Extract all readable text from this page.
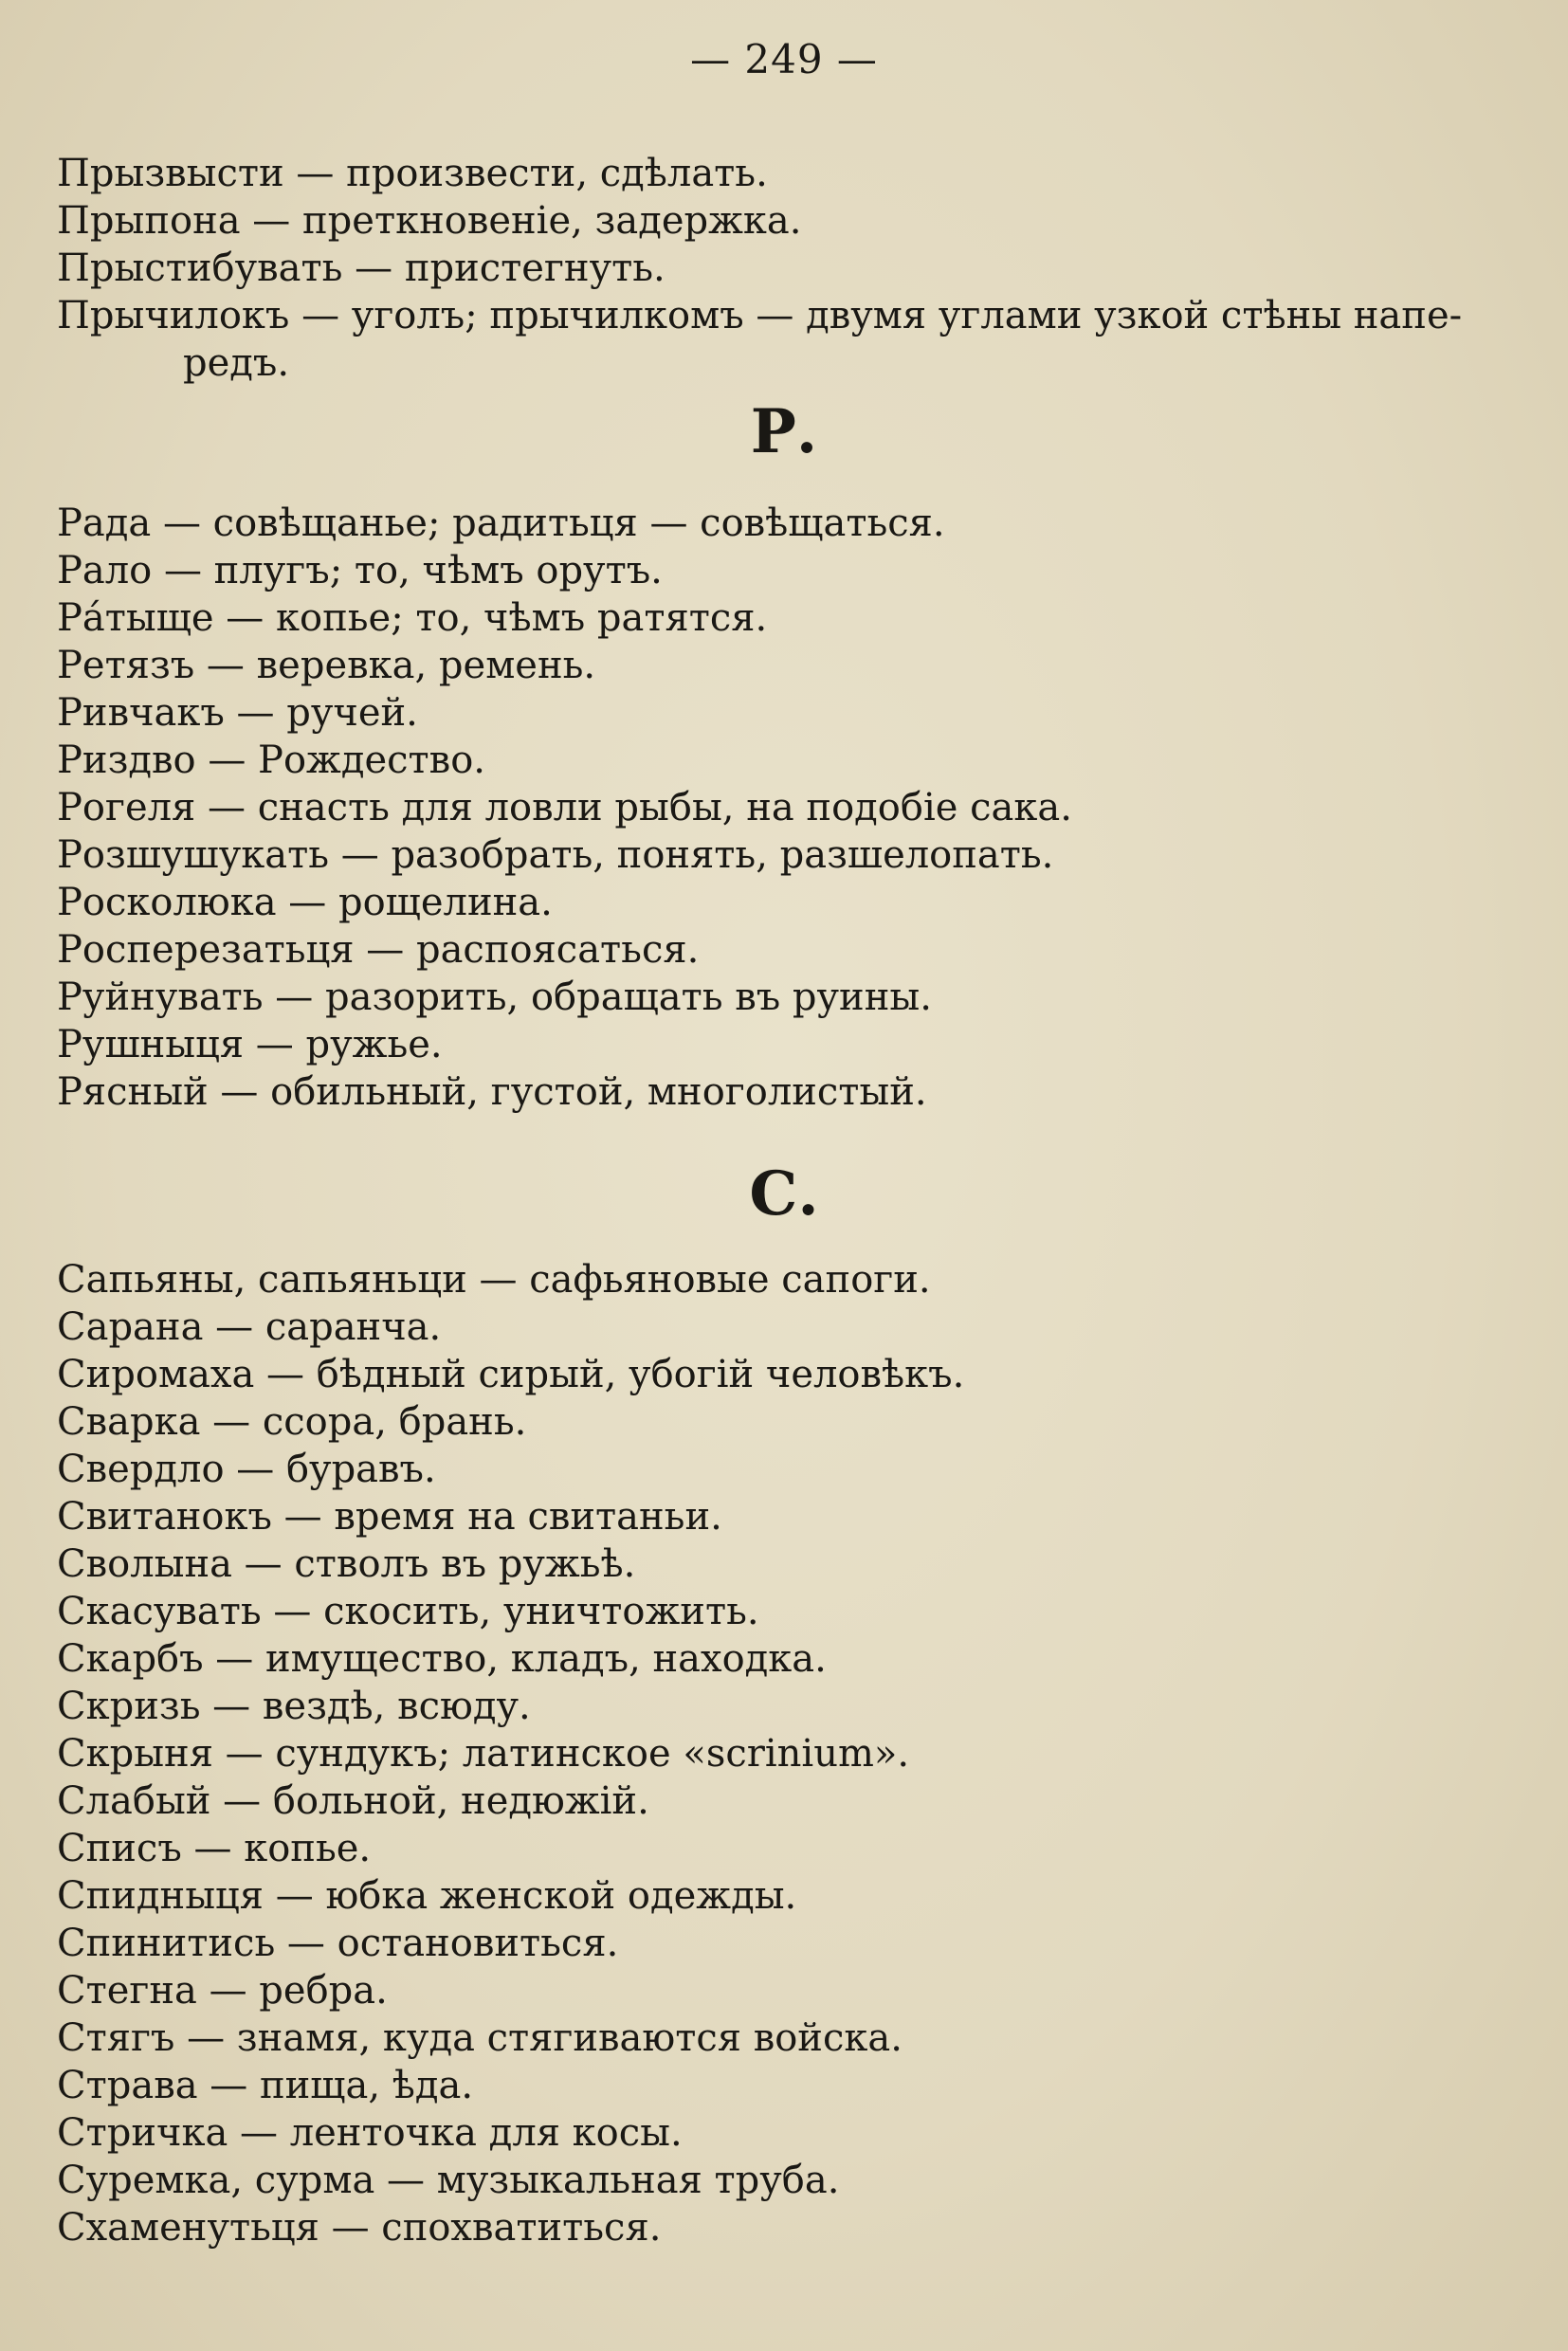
— 249 —
Прызвысти — произвести, сдѣлать.
Прыпона — преткновеніе, задержка.
Прыстибувать — пристегнуть.
Прычилокъ — уголъ; прычилкомъ — двумя углами узкой стѣны напе-
редъ.
Р.
Рада — совѣщанье; радитьця — совѣщаться.
Рало — плугъ; то, чѣмъ орутъ.
Рáтыще — копье; то, чѣмъ ратятся.
Ретязъ — веревка, ремень.
Ривчакъ — ручей.
Риздво — Рождество.
Рогеля — снасть для ловли рыбы, на подобіе сака.
Розшушукать — разобрать, понять, разшелопать.
Росколюка — рощелина.
Росперезатьця — распоясаться.
Руйнувать — разорить, обращать въ руины.
Рушныця — ружье.
Рясный — обильный, густой, многолистый.
С.
Сапьяны, сапьяньци — сафьяновые сапоги.
Сарана — саранча.
Сиромаха — бѣдный сирый, убогій человѣкъ.
Сварка — ссора, брань.
Свердло — буравъ.
Свитанокъ — время на свитаньи.
Сволына — стволъ въ ружьѣ.
Скасувать — скосить, уничтожить.
Скарбъ — имущество, кладъ, находка.
Скризь — вездѣ, всюду.
Скрыня — сундукъ; латинское «scrinium».
Слабый — больной, недюжій.
Списъ — копье.
Спидныця — юбка женской одежды.
Спинитись — остановиться.
Стегна — ребра.
Стягъ — знамя, куда стягиваются войска.
Страва — пища, ѣда.
Стричка — ленточка для косы.
Суремка, сурма — музыкальная труба.
Схаменутьця — спохватиться.
